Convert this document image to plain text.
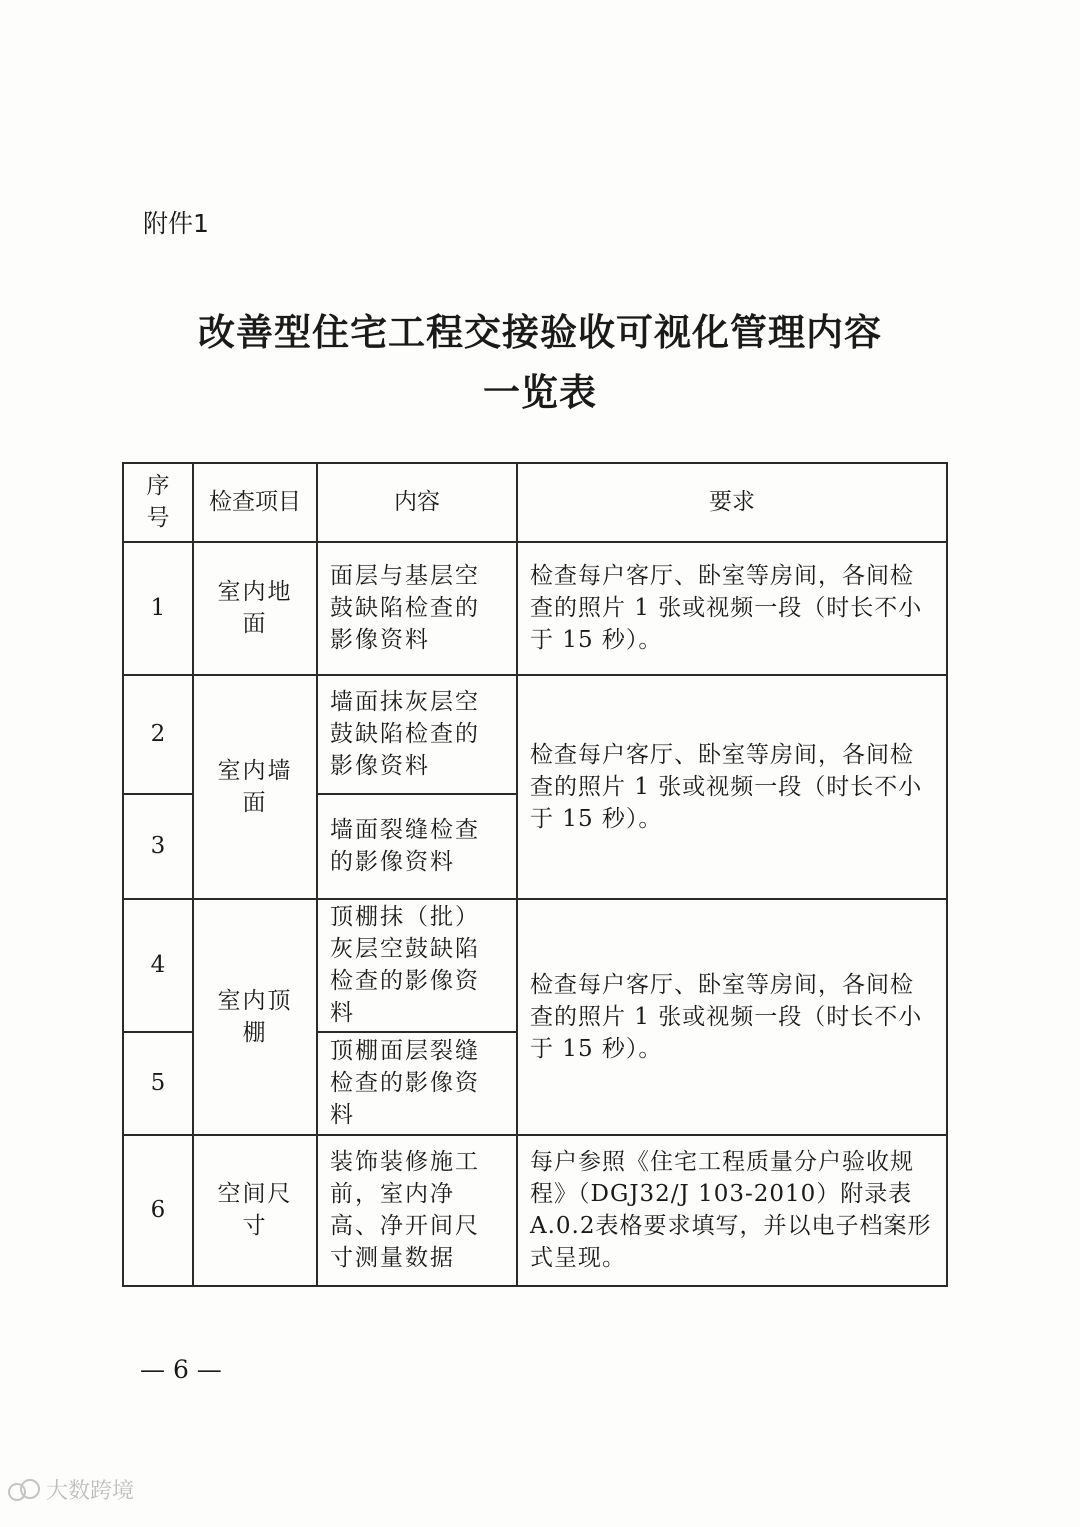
附件1
改善型住宅工程交接验收可视化管理内容
一览表
序号	检查项目	内容	要求
1	室内地面	面层与基层空鼓缺陷检查的影像资料	检查每户客厅、卧室等房间，各间检查的照片 1 张或视频一段（时长不小于 15 秒）。
2	室内墙面	墙面抹灰层空鼓缺陷检查的影像资料	检查每户客厅、卧室等房间，各间检查的照片 1 张或视频一段（时长不小于 15 秒）。
3		墙面裂缝检查的影像资料	
4	室内顶棚	顶棚抹（批）灰层空鼓缺陷检查的影像资料	检查每户客厅、卧室等房间，各间检查的照片 1 张或视频一段（时长不小于 15 秒）。
5		顶棚面层裂缝检查的影像资料	
6	空间尺寸	装饰装修施工前，室内净高、净开间尺寸测量数据	每户参照《住宅工程质量分户验收规程》（DGJ32/J 103-2010）附录表A.0.2表格要求填写，并以电子档案形式呈现。
— 6 —
大数跨境
